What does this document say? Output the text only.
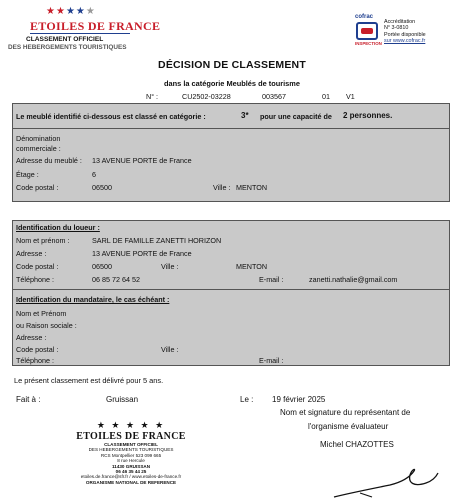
★★★★★
ETOILES DE FRANCE
CLASSEMENT OFFICIEL
DES HEBERGEMENTS TOURISTIQUES
cofrac
INSPECTION
Accréditation
N° 3-0810
Portée disponible
sur www.cofrac.fr
DÉCISION DE CLASSEMENT
dans la catégorie Meublés de tourisme
N° :	CU2502-03228	003567	01 V1
Le meublé identifié ci-dessous est classé en catégorie :	3* pour une capacité de 2 personnes.
Dénomination
commerciale :
Adresse du meublé : 13 AVENUE PORTE de France
Étage :	6
Code postal :	06500	Ville : MENTON
Identification du loueur :
Nom et prénom :	SARL DE FAMILLE ZANETTI HORIZON
Adresse :	13 AVENUE PORTE de France
Code postal :	06500	Ville :	MENTON
Téléphone :	06 85 72 64 52	E-mail :	zanetti.nathalie@gmail.com
Identification du mandataire, le cas échéant :
Nom et Prénom
ou Raison sociale :
Adresse :
Code postal :	Ville :
Téléphone :	E-mail :
Le présent classement est délivré pour 5 ans.
Fait à :	Gruissan	Le : 19 février 2025
Nom et signature du représentant de
l'organisme évaluateur
Michel CHAZOTTES
★ ★ ★ ★ ★
ETOILES DE FRANCE
CLASSEMENT OFFICIEL
DES HEBERGEMENTS TOURISTIQUES
RCS Montpellier 523 099 665
8 rue Hercule
11430 GRUISSAN
06 46 35 44 25
etoiles.de.france@sfr.fr / www.etoiles-de-france.fr
ORGANISME NATIONAL DE REFERENCE
